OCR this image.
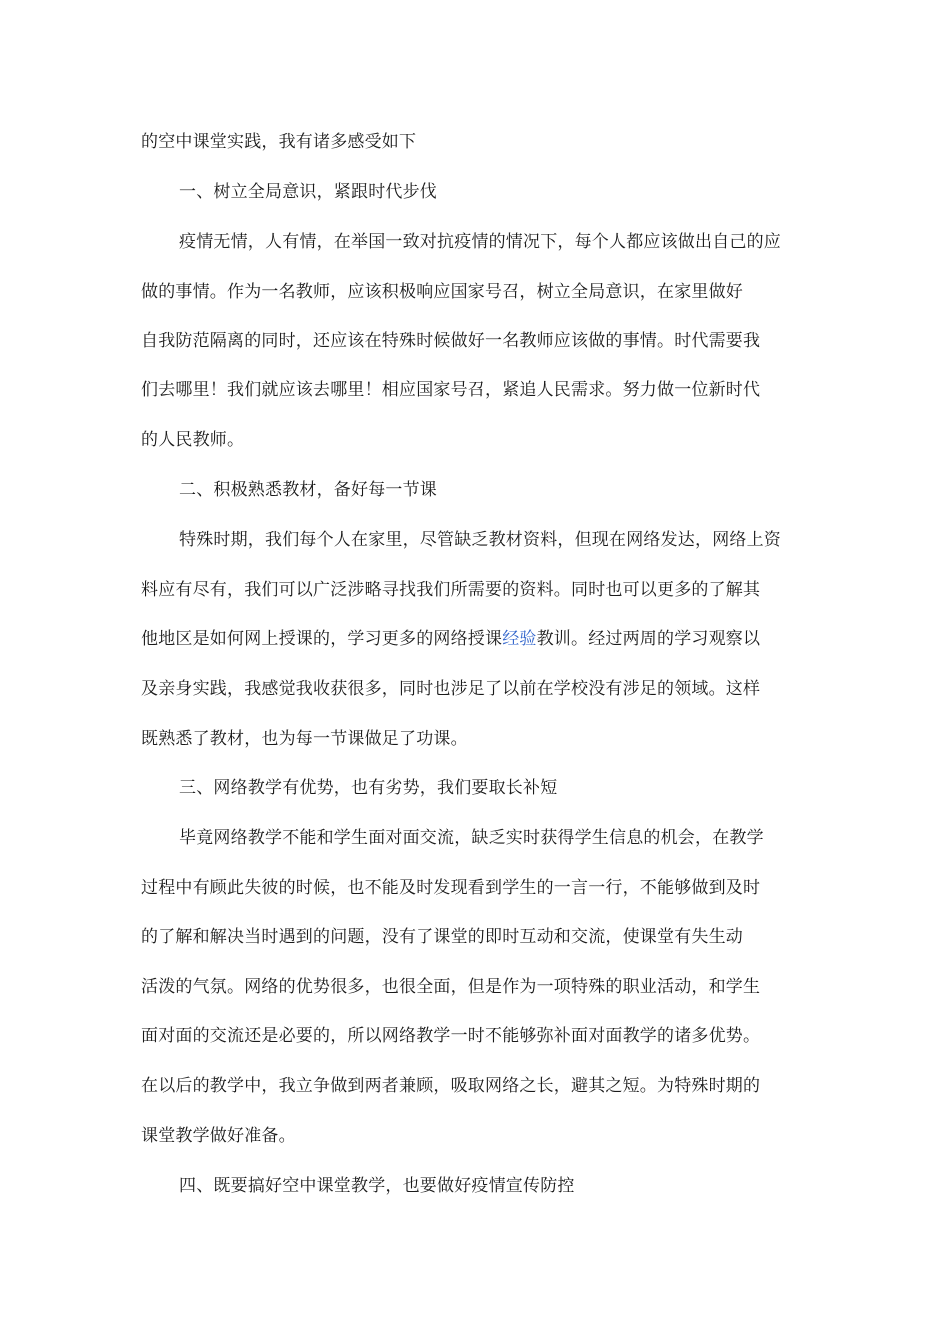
的空中课堂实践，我有诸多感受如下
一、树立全局意识，紧跟时代步伐
疫情无情，人有情，在举国一致对抗疫情的情况下，每个人都应该做出自己的应
做的事情。作为一名教师，应该积极响应国家号召，树立全局意识，在家里做好
自我防范隔离的同时，还应该在特殊时候做好一名教师应该做的事情。时代需要我
们去哪里！我们就应该去哪里！相应国家号召，紧追人民需求。努力做一位新时代
的人民教师。
二、积极熟悉教材，备好每一节课
特殊时期，我们每个人在家里，尽管缺乏教材资料，但现在网络发达，网络上资
料应有尽有，我们可以广泛涉略寻找我们所需要的资料。同时也可以更多的了解其
他地区是如何网上授课的，学习更多的网络授课经验教训。经过两周的学习观察以
及亲身实践，我感觉我收获很多，同时也涉足了以前在学校没有涉足的领域。这样
既熟悉了教材，也为每一节课做足了功课。
三、网络教学有优势，也有劣势，我们要取长补短
毕竟网络教学不能和学生面对面交流，缺乏实时获得学生信息的机会，在教学
过程中有顾此失彼的时候，也不能及时发现看到学生的一言一行，不能够做到及时
的了解和解决当时遇到的问题，没有了课堂的即时互动和交流，使课堂有失生动
活泼的气氛。网络的优势很多，也很全面，但是作为一项特殊的职业活动，和学生
面对面的交流还是必要的，所以网络教学一时不能够弥补面对面教学的诸多优势。
在以后的教学中，我立争做到两者兼顾，吸取网络之长，避其之短。为特殊时期的
课堂教学做好准备。
四、既要搞好空中课堂教学，也要做好疫情宣传防控
